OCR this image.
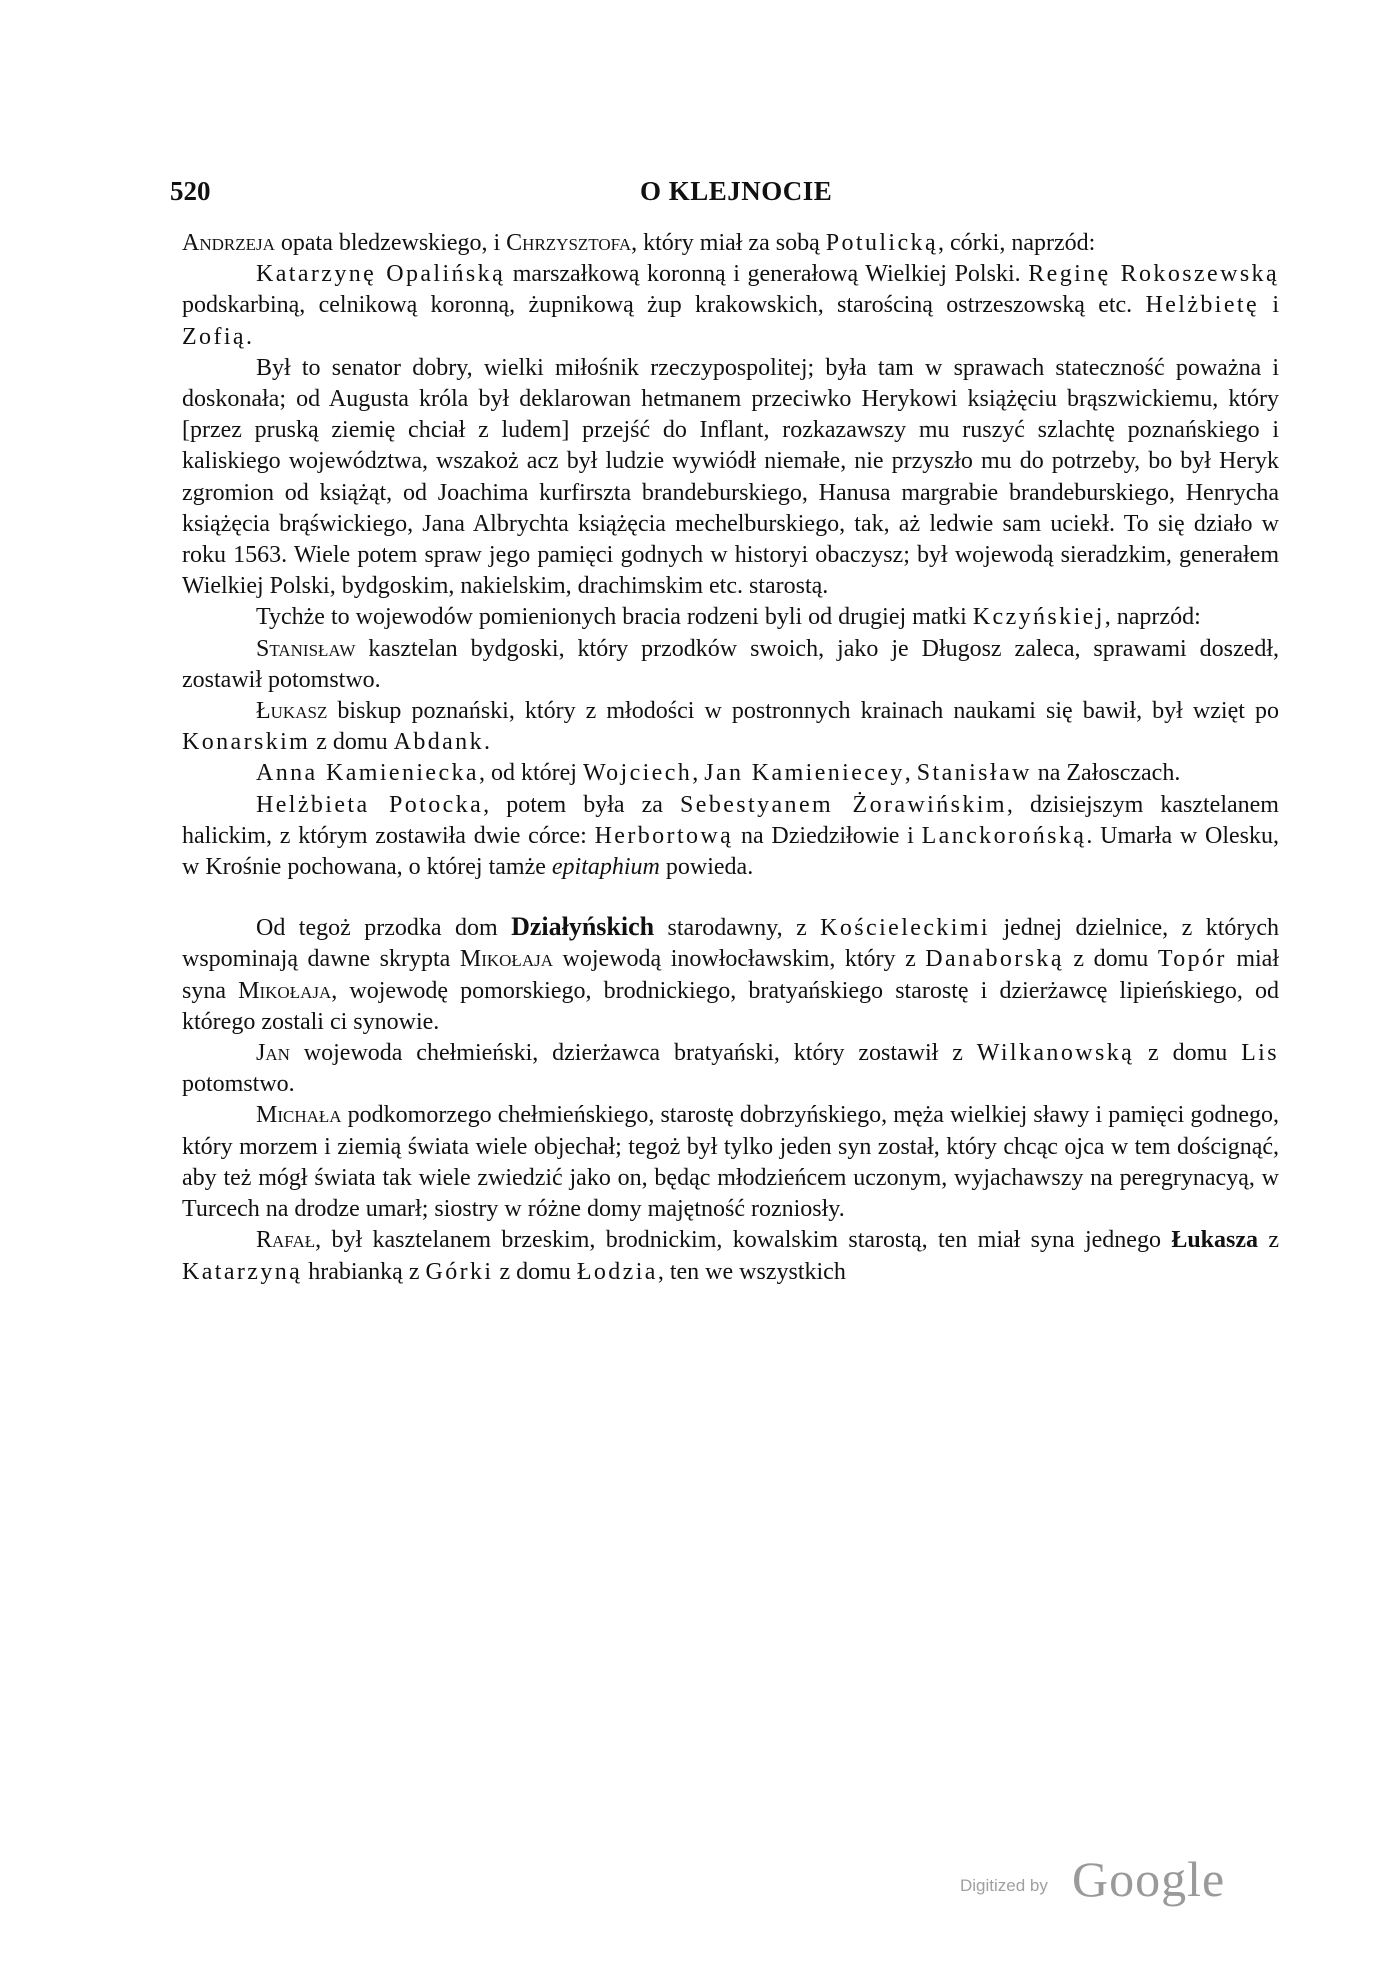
520	O KLEJNOCIE

Andrzeja opata bledzewskiego, i Chrzysztofa, który miał za sobą Potulicką, córki, naprzód:

Katarzynę Opalińską marszałkową koronną i generałową Wielkiej Polski. Reginę Rokoszewską podskarbiną, celnikową koronną, żupnikową żup krakowskich, starościną ostrzeszowską etc. Helżbietę i Zofią.

Był to senator dobry, wielki miłośnik rzeczypospolitej; była tam w sprawach stateczność poważna i doskonała; od Augusta króla był deklarowan hetmanem przeciwko Herykowi książęciu brąszwickiemu, który [przez pruską ziemię chciał z ludem] przejść do Inflant, rozkazawszy mu ruszyć szlachtę poznańskiego i kaliskiego województwa, wszakoż acz był ludzie wywiódł niemałe, nie przyszło mu do potrzeby, bo był Heryk zgromion od książąt, od Joachima kurfirszta brandeburskiego, Hanusa margrabie brandeburskiego, Henrycha książęcia brąświckiego, Jana Albrychta książęcia mechelburskiego, tak, aż ledwie sam uciekł. To się działo w roku 1563. Wiele potem spraw jego pamięci godnych w historyi obaczysz; był wojewodą sieradzkim, generałem Wielkiej Polski, bydgoskim, nakielskim, drachimskim etc. starostą.

Tychże to wojewodów pomienionych bracia rodzeni byli od drugiej matki Kczyńskiej, naprzód:

Stanisław kasztelan bydgoski, który przodków swoich, jako je Długosz zaleca, sprawami doszedł, zostawił potomstwo.

Łukasz biskup poznański, który z młodości w postronnych krainach naukami się bawił, był wzięt po Konarskim z domu Abdank.

Anna Kamieniecka, od której Wojciech, Jan Kamieniecey, Stanisław na Załosczach.

Helżbieta Potocka, potem była za Sebestyanem Żorawińskim, dzisiejszym kasztelanem halickim, z którym zostawiła dwie córce: Herbortową na Dziedziłowie i Lanckorońską. Umarła w Olesku, w Krośnie pochowana, o której tamże epitaphium powieda.

Od tegoż przodka dom Działyńskich starodawny, z Kościeleckimi jednej dzielnice, z których wspominają dawne skrypta Mikołaja wojewodą inowłocławskim, który z Danaborską z domu Topór miał syna Mikołaja, wojewodę pomorskiego, brodnickiego, bratyańskiego starostę i dzierżawcę lipieńskiego, od którego zostali ci synowie.

Jan wojewoda chełmieński, dzierżawca bratyański, który zostawił z Wilkanowską z domu Lis potomstwo.

Michała podkomorzego chełmieńskiego, starostę dobrzyńskiego, męża wielkiej sławy i pamięci godnego, który morzem i ziemią świata wiele objechał; tegoż był tylko jeden syn został, który chcąc ojca w tem doścignąć, aby też mógł świata tak wiele zwiedzić jako on, będąc młodzieńcem uczonym, wyjachawszy na peregrynacyą, w Turcech na drodze umarł; siostry w różne domy majętność rozniosły.

Rafał, był kasztelanem brzeskim, brodnickim, kowalskim starostą, ten miał syna jednego Łukasza z Katarzyną hrabianką z Górki z domu Łodzia, ten we wszystkich

Digitized by Google
